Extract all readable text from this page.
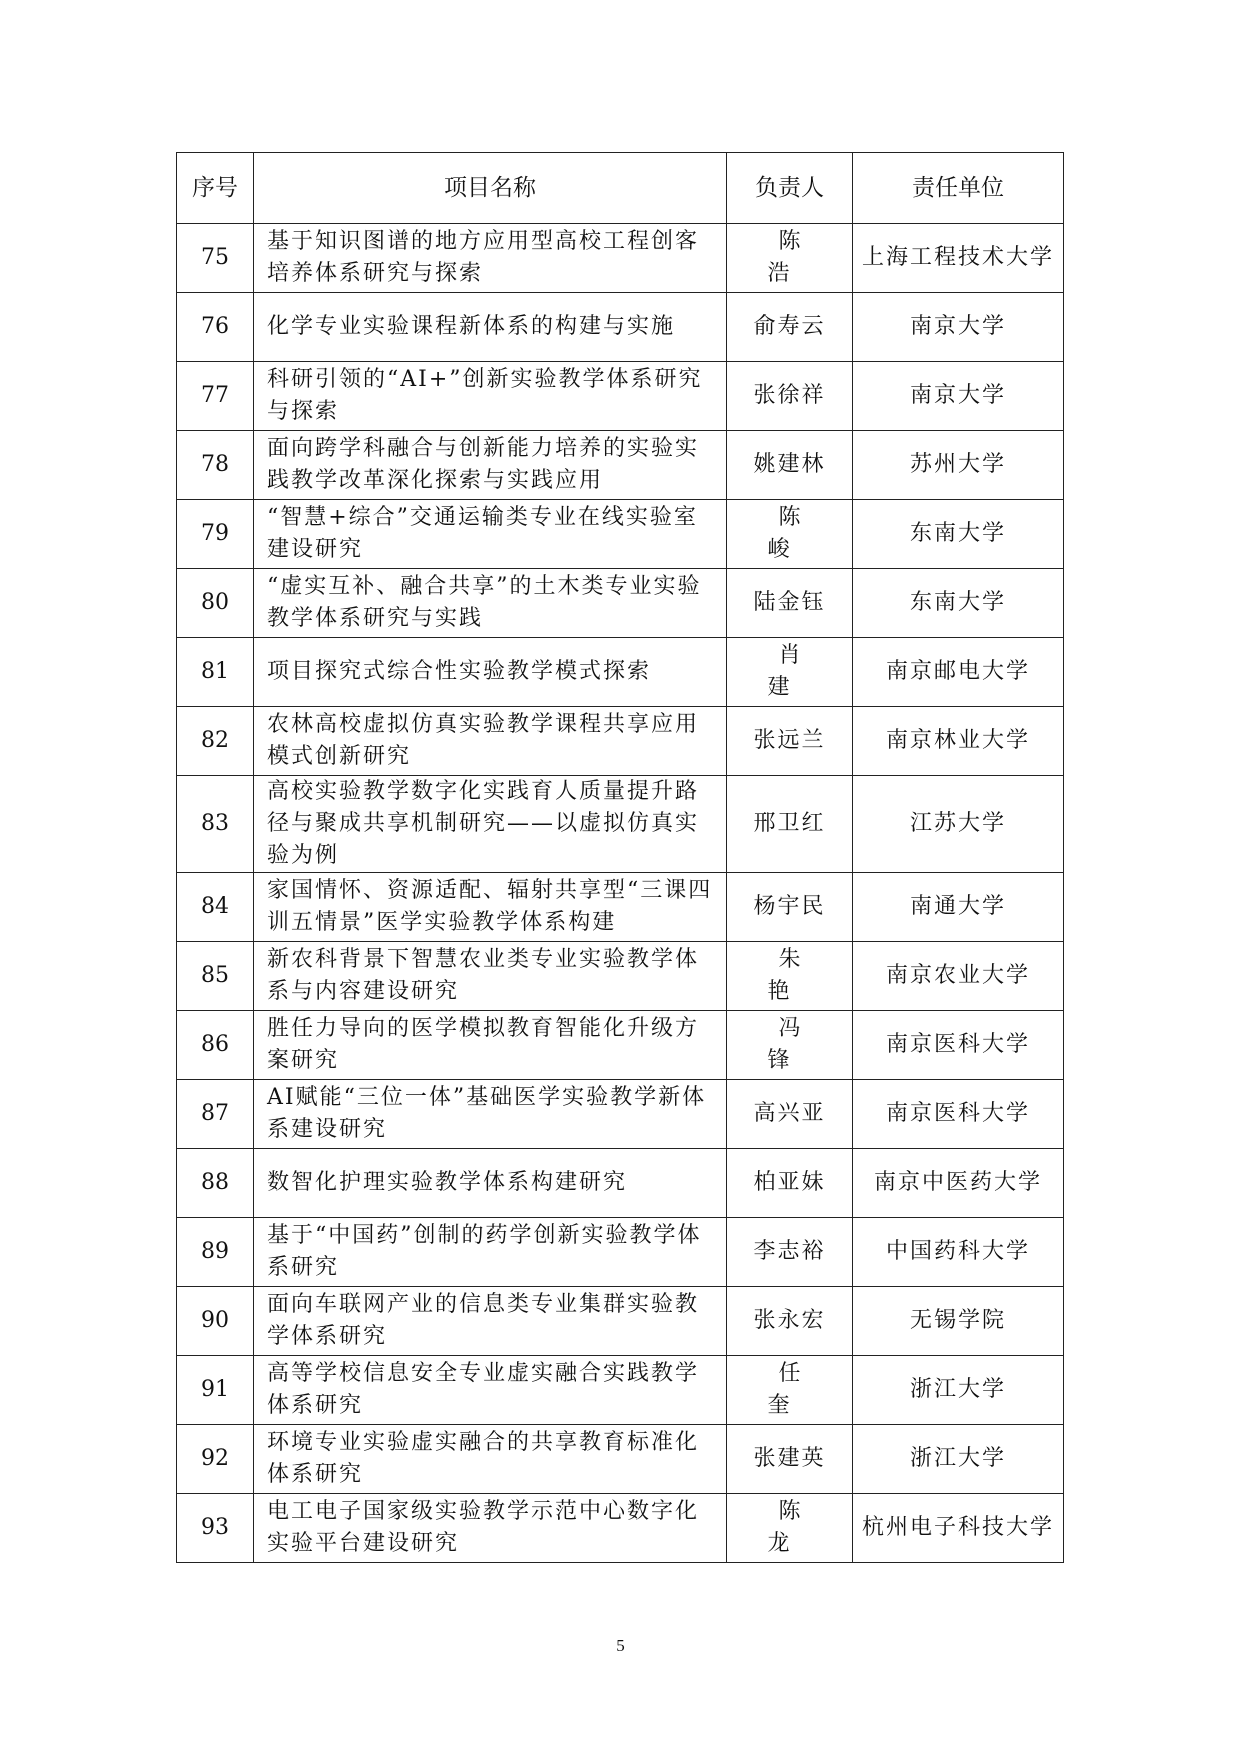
序号	项目名称	负责人	责任单位
75	基于知识图谱的地方应用型高校工程创客培养体系研究与探索	陈　浩	上海工程技术大学
76	化学专业实验课程新体系的构建与实施	俞寿云	南京大学
77	科研引领的“AI+”创新实验教学体系研究与探索	张徐祥	南京大学
78	面向跨学科融合与创新能力培养的实验实践教学改革深化探索与实践应用	姚建林	苏州大学
79	“智慧+综合”交通运输类专业在线实验室建设研究	陈　峻	东南大学
80	“虚实互补、融合共享”的土木类专业实验教学体系研究与实践	陆金钰	东南大学
81	项目探究式综合性实验教学模式探索	肖　建	南京邮电大学
82	农林高校虚拟仿真实验教学课程共享应用模式创新研究	张远兰	南京林业大学
83	高校实验教学数字化实践育人质量提升路径与聚成共享机制研究——以虚拟仿真实验为例	邢卫红	江苏大学
84	家国情怀、资源适配、辐射共享型“三课四训五情景”医学实验教学体系构建	杨宇民	南通大学
85	新农科背景下智慧农业类专业实验教学体系与内容建设研究	朱　艳	南京农业大学
86	胜任力导向的医学模拟教育智能化升级方案研究	冯　锋	南京医科大学
87	AI赋能“三位一体”基础医学实验教学新体系建设研究	高兴亚	南京医科大学
88	数智化护理实验教学体系构建研究	柏亚妹	南京中医药大学
89	基于“中国药”创制的药学创新实验教学体系研究	李志裕	中国药科大学
90	面向车联网产业的信息类专业集群实验教学体系研究	张永宏	无锡学院
91	高等学校信息安全专业虚实融合实践教学体系研究	任　奎	浙江大学
92	环境专业实验虚实融合的共享教育标准化体系研究	张建英	浙江大学
93	电工电子国家级实验教学示范中心数字化实验平台建设研究	陈　龙	杭州电子科技大学
5
